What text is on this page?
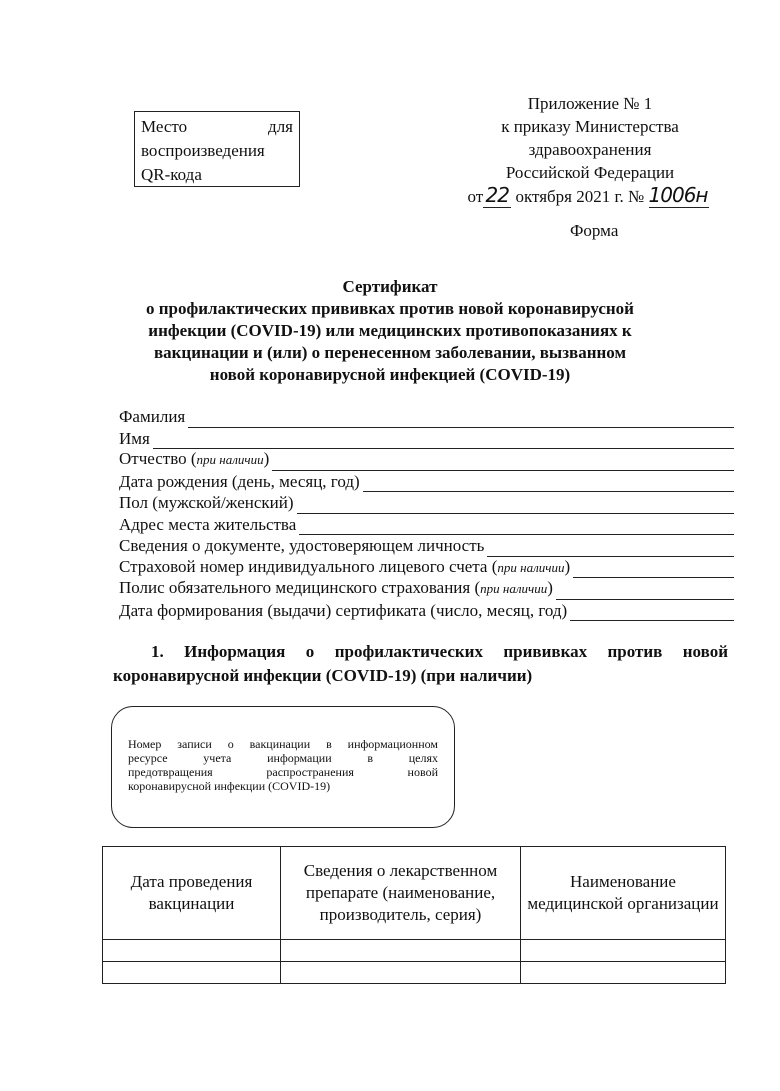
Место	для
воспроизведения
QR-кода
Приложение № 1
к приказу Министерства
здравоохранения
Российской Федерации
от 22 октября 2021 г. № 1006н
Форма
Сертификат
о профилактических прививках против новой коронавирусной
инфекции (COVID-19) или медицинских противопоказаниях к
вакцинации и (или) о перенесенном заболевании, вызванном
новой коронавирусной инфекцией (COVID-19)
Фамилия
Имя
Отчество (при наличии)
Дата рождения (день, месяц, год)
Пол (мужской/женский)
Адрес места жительства
Сведения о документе, удостоверяющем личность
Страховой номер индивидуального лицевого счета (при наличии)
Полис обязательного медицинского страхования (при наличии)
Дата формирования (выдачи) сертификата (число, месяц, год)
1. Информация о профилактических прививках против новой
коронавирусной инфекции (COVID-19) (при наличии)
Номер записи о вакцинации в информационном
ресурсе учета информации в целях
предотвращения распространения новой
коронавирусной инфекции (COVID-19)
Дата проведения вакцинации	Сведения о лекарственном препарате (наименование, производитель, серия)	Наименование медицинской организации
